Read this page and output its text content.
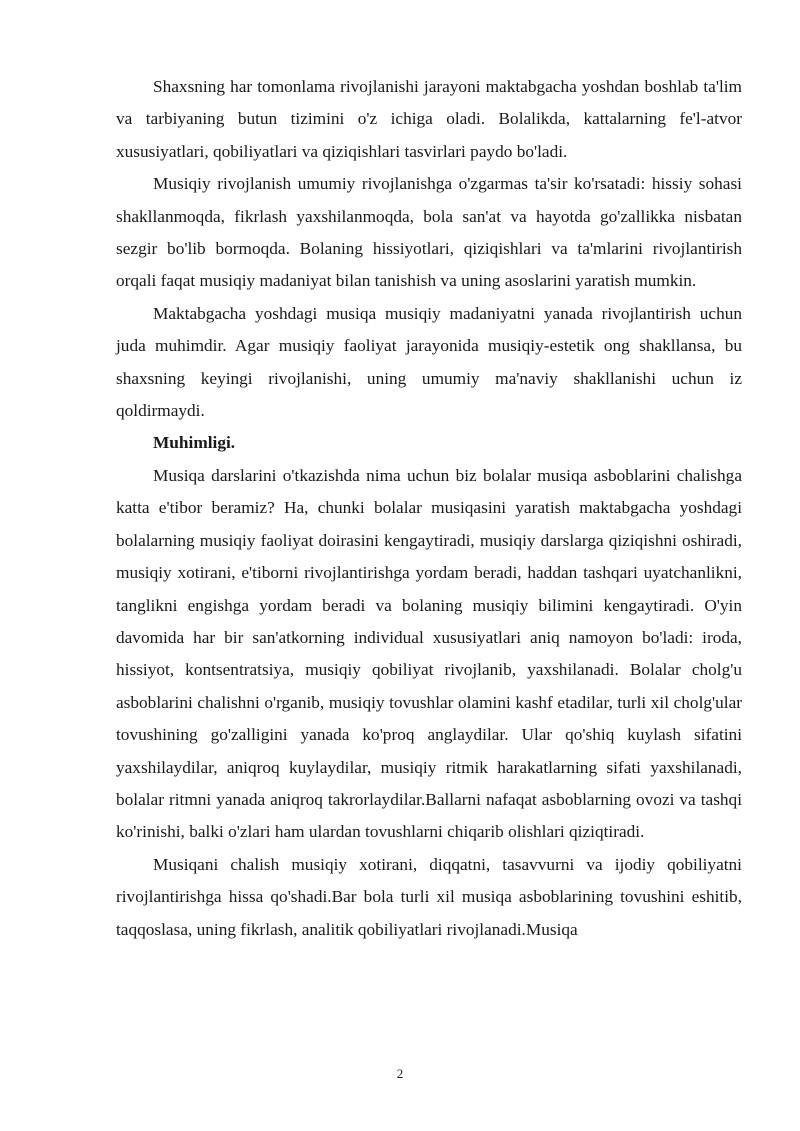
Shaxsning har tomonlama rivojlanishi jarayoni maktabgacha yoshdan boshlab ta'lim va tarbiyaning butun tizimini o'z ichiga oladi. Bolalikda, kattalarning fe'l-atvor xususiyatlari, qobiliyatlari va qiziqishlari tasvirlari paydo bo'ladi.

Musiqiy rivojlanish umumiy rivojlanishga o'zgarmas ta'sir ko'rsatadi: hissiy sohasi shakllanmoqda, fikrlash yaxshilanmoqda, bola san'at va hayotda go'zallikka nisbatan sezgir bo'lib bormoqda. Bolaning hissiyotlari, qiziqishlari va ta'mlarini rivojlantirish orqali faqat musiqiy madaniyat bilan tanishish va uning asoslarini yaratish mumkin.

Maktabgacha yoshdagi musiqa musiqiy madaniyatni yanada rivojlantirish uchun juda muhimdir. Agar musiqiy faoliyat jarayonida musiqiy-estetik ong shakllansa, bu shaxsning keyingi rivojlanishi, uning umumiy ma'naviy shakllanishi uchun iz qoldirmaydi.

Muhimligi.

Musiqa darslarini o'tkazishda nima uchun biz bolalar musiqa asboblarini chalishga katta e'tibor beramiz? Ha, chunki bolalar musiqasini yaratish maktabgacha yoshdagi bolalarning musiqiy faoliyat doirasini kengaytiradi, musiqiy darslarga qiziqishni oshiradi, musiqiy xotirani, e'tiborni rivojlantirishga yordam beradi, haddan tashqari uyatchanlikni, tanglikni engishga yordam beradi va bolaning musiqiy bilimini kengaytiradi. O'yin davomida har bir san'atkorning individual xususiyatlari aniq namoyon bo'ladi: iroda, hissiyot, kontsentratsiya, musiqiy qobiliyat rivojlanib, yaxshilanadi. Bolalar cholg'u asboblarini chalishni o'rganib, musiqiy tovushlar olamini kashf etadilar, turli xil cholg'ular tovushining go'zalligini yanada ko'proq anglaydilar. Ular qo'shiq kuylash sifatini yaxshilaydilar, aniqroq kuylaydilar, musiqiy ritmik harakatlarning sifati yaxshilanadi, bolalar ritmni yanada aniqroq takrorlaydilar.Ballarni nafaqat asboblarning ovozi va tashqi ko'rinishi, balki o'zlari ham ulardan tovushlarni chiqarib olishlari qiziqtiradi.

Musiqani chalish musiqiy xotirani, diqqatni, tasavvurni va ijodiy qobiliyatni rivojlantirishga hissa qo'shadi.Bar bola turli xil musiqa asboblarining tovushini eshitib, taqqoslasa, uning fikrlash, analitik qobiliyatlari rivojlanadi.Musiqa

2
